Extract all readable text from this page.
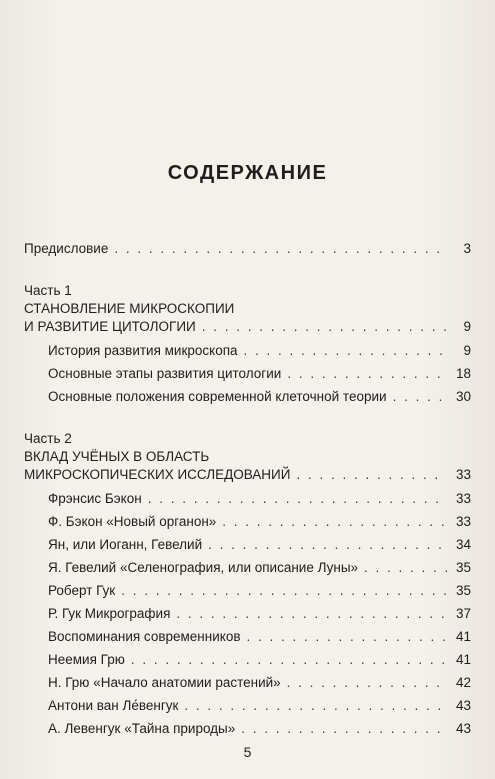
СОДЕРЖАНИЕ
Предисловие . . .	3
Часть 1
СТАНОВЛЕНИЕ МИКРОСКОПИИ
И РАЗВИТИЕ ЦИТОЛОГИИ . . .	9
История развития микроскопа . . .	9
Основные этапы развития цитологии . . .	18
Основные положения современной клеточной теории . . .	30
Часть 2
ВКЛАД УЧЁНЫХ В ОБЛАСТЬ
МИКРОСКОПИЧЕСКИХ ИССЛЕДОВАНИЙ . . .	33
Фрэнсис Бэкон . . .	33
Ф. Бэкон «Новый органон» . . .	33
Ян, или Иоганн, Гевелий . . .	34
Я. Гевелий «Селенография, или описание Луны» . . .	35
Роберт Гук . . .	35
Р. Гук Микрография . . .	37
Воспоминания современников . . .	41
Неемия Грю . . .	41
Н. Грю «Начало анатомии растений» . . .	42
Антони ван Ле́венгук . . .	43
А. Левенгук «Тайна природы» . . .	43
5
